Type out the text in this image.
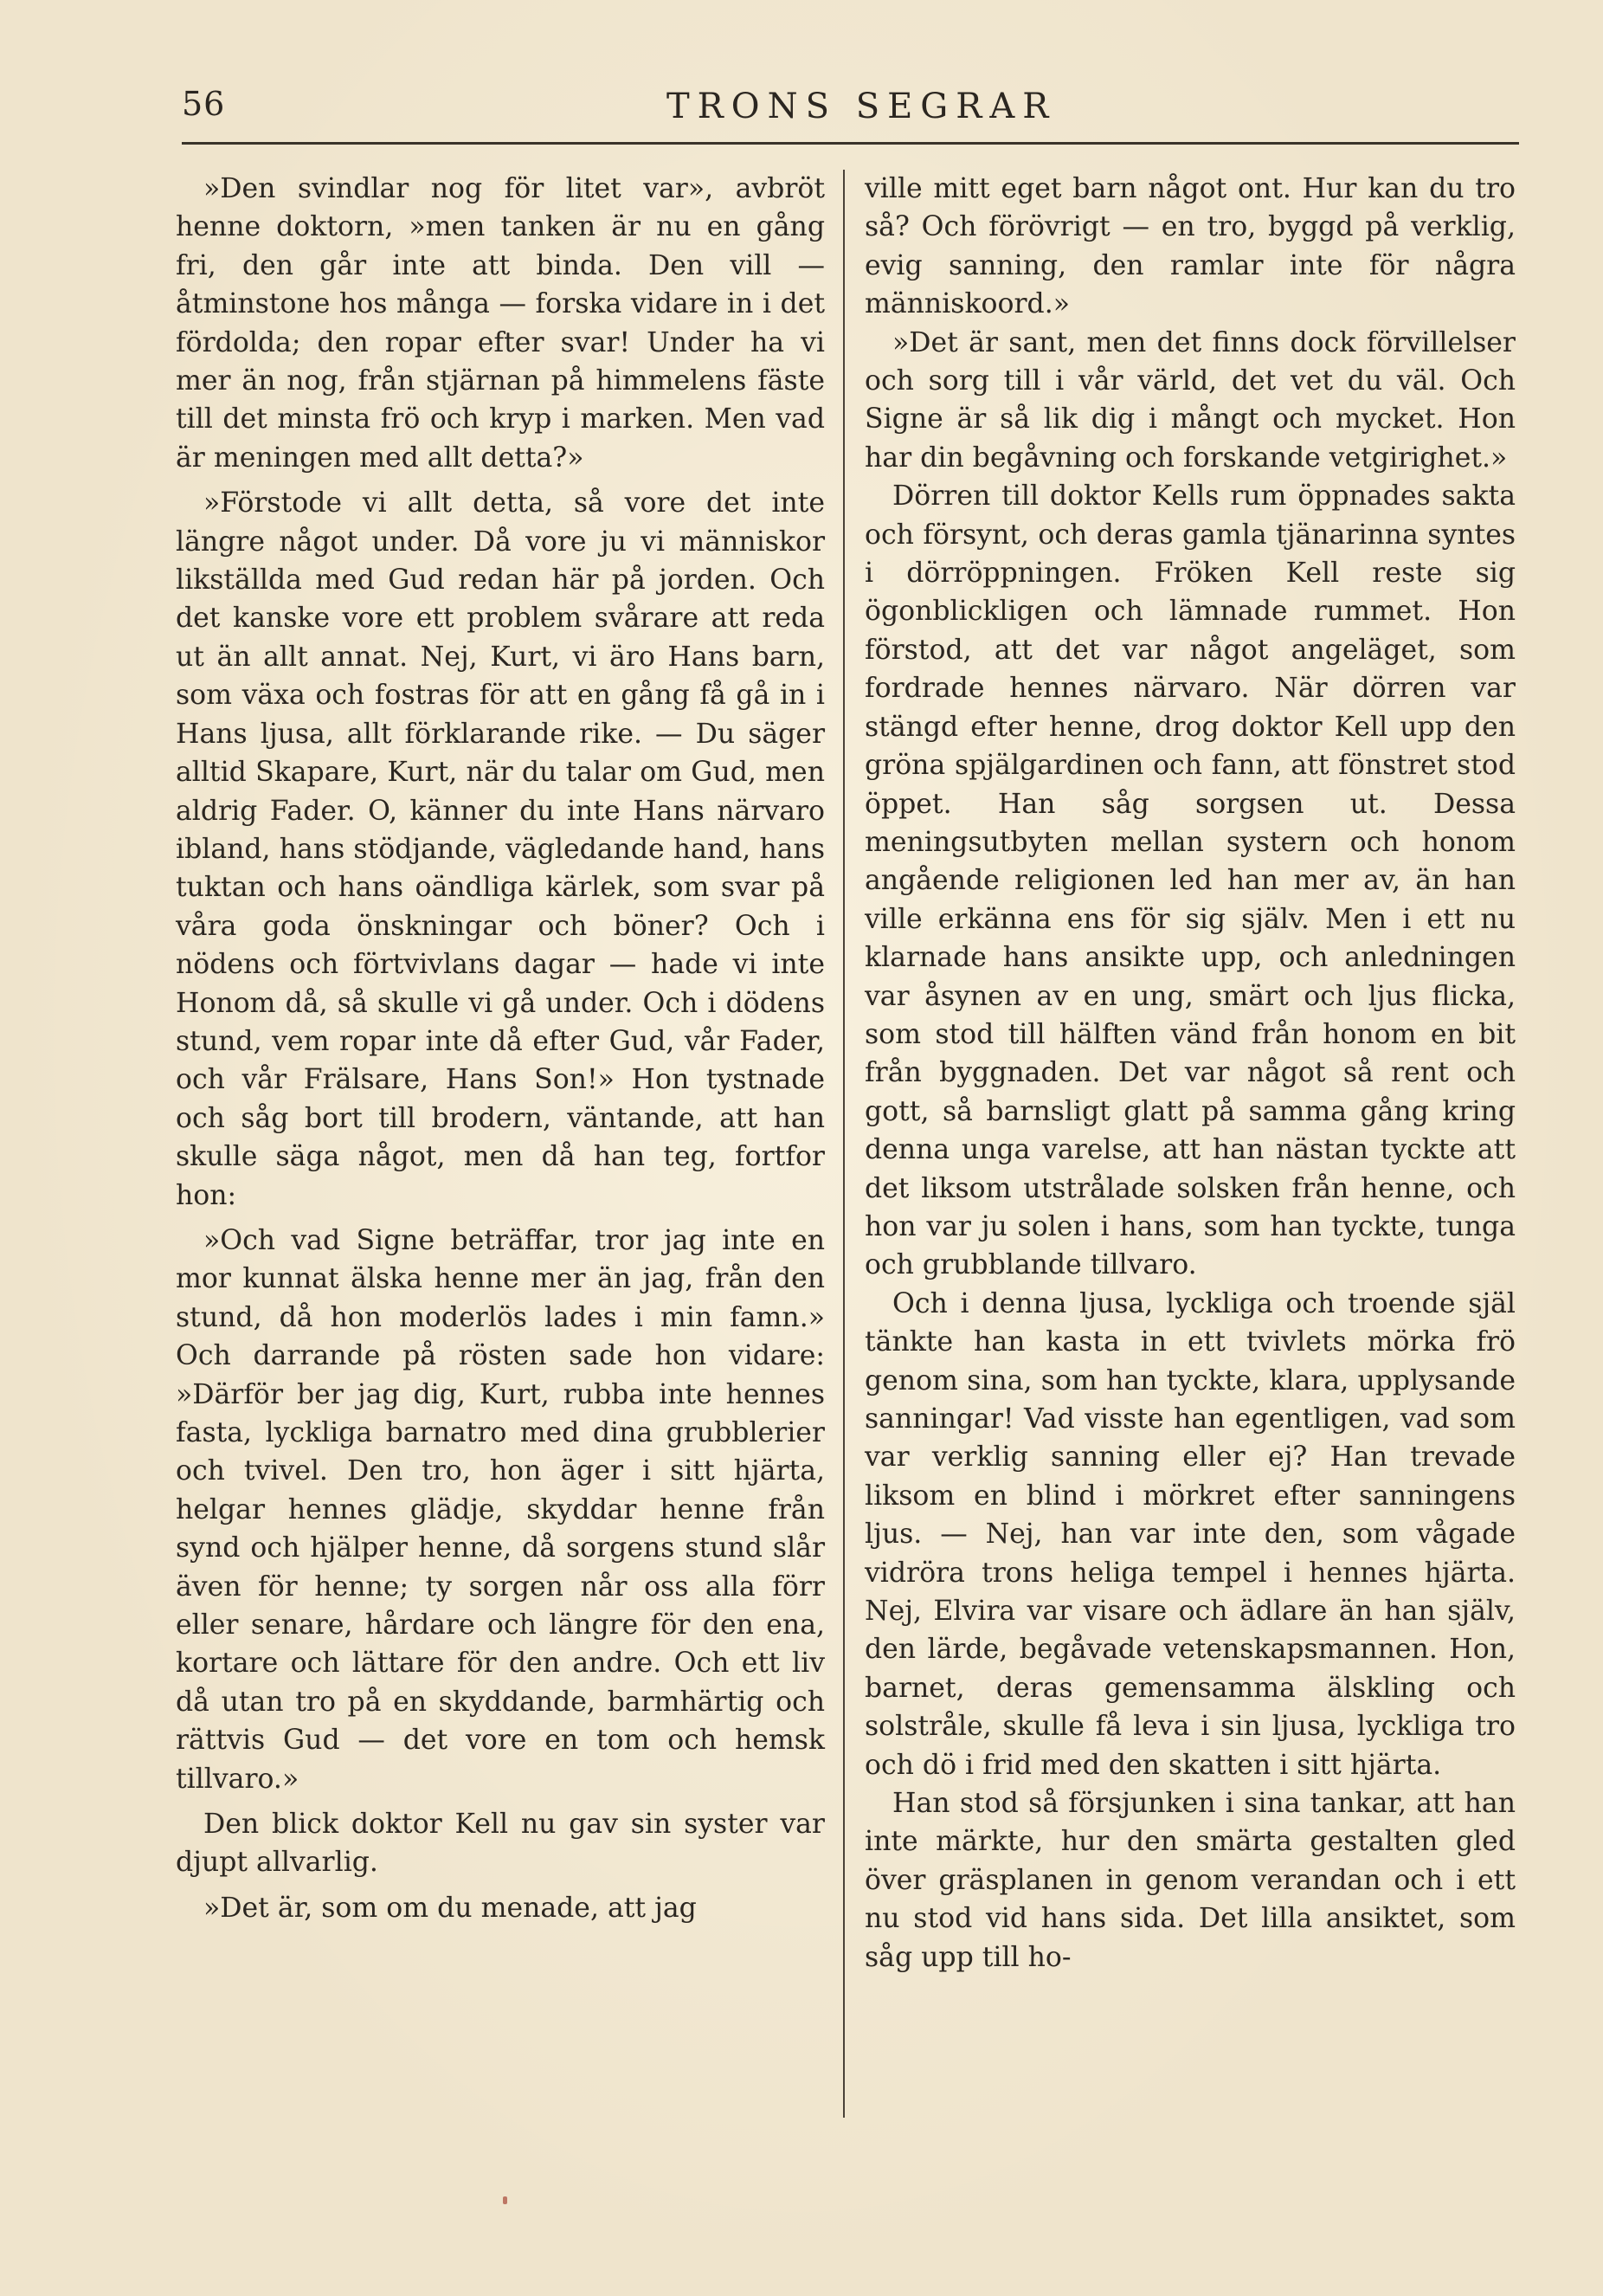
56	TRONS SEGRAR

»Den svindlar nog för litet var», avbröt henne doktorn, »men tanken är nu en gång fri, den går inte att binda. Den vill — åtminstone hos många — forska vidare in i det fördolda; den ropar efter svar! Under ha vi mer än nog, från stjärnan på himmelens fäste till det minsta frö och kryp i marken. Men vad är meningen med allt detta?»

»Förstode vi allt detta, så vore det inte längre något under. Då vore ju vi människor likställda med Gud redan här på jorden. Och det kanske vore ett problem svårare att reda ut än allt annat. Nej, Kurt, vi äro Hans barn, som växa och fostras för att en gång få gå in i Hans ljusa, allt förklarande rike. — Du säger alltid Skapare, Kurt, när du talar om Gud, men aldrig Fader. O, känner du inte Hans närvaro ibland, hans stödjande, vägledande hand, hans tuktan och hans oändliga kärlek, som svar på våra goda önskningar och böner? Och i nödens och förtvivlans dagar — hade vi inte Honom då, så skulle vi gå under. Och i dödens stund, vem ropar inte då efter Gud, vår Fader, och vår Frälsare, Hans Son!» Hon tystnade och såg bort till brodern, väntande, att han skulle säga något, men då han teg, fortfor hon:

»Och vad Signe beträffar, tror jag inte en mor kunnat älska henne mer än jag, från den stund, då hon moderlös lades i min famn.» Och darrande på rösten sade hon vidare: »Därför ber jag dig, Kurt, rubba inte hennes fasta, lyckliga barnatro med dina grubblerier och tvivel. Den tro, hon äger i sitt hjärta, helgar hennes glädje, skyddar henne från synd och hjälper henne, då sorgens stund slår även för henne; ty sorgen når oss alla förr eller senare, hårdare och längre för den ena, kortare och lättare för den andre. Och ett liv då utan tro på en skyddande, barmhärtig och rättvis Gud — det vore en tom och hemsk tillvaro.»

Den blick doktor Kell nu gav sin syster var djupt allvarlig.

»Det är, som om du menade, att jag

ville mitt eget barn något ont. Hur kan du tro så? Och förövrigt — en tro, byggd på verklig, evig sanning, den ramlar inte för några människoord.»

»Det är sant, men det finns dock förvillelser och sorg till i vår värld, det vet du väl. Och Signe är så lik dig i mångt och mycket. Hon har din begåvning och forskande vetgirighet.»

Dörren till doktor Kells rum öppnades sakta och försynt, och deras gamla tjänarinna syntes i dörröppningen. Fröken Kell reste sig ögonblickligen och lämnade rummet. Hon förstod, att det var något angeläget, som fordrade hennes närvaro. När dörren var stängd efter henne, drog doktor Kell upp den gröna spjälgardinen och fann, att fönstret stod öppet. Han såg sorgsen ut. Dessa meningsutbyten mellan systern och honom angående religionen led han mer av, än han ville erkänna ens för sig själv. Men i ett nu klarnade hans ansikte upp, och anledningen var åsynen av en ung, smärt och ljus flicka, som stod till hälften vänd från honom en bit från byggnaden. Det var något så rent och gott, så barnsligt glatt på samma gång kring denna unga varelse, att han nästan tyckte att det liksom utstrålade solsken från henne, och hon var ju solen i hans, som han tyckte, tunga och grubblande tillvaro.

Och i denna ljusa, lyckliga och troende själ tänkte han kasta in ett tvivlets mörka frö genom sina, som han tyckte, klara, upplysande sanningar! Vad visste han egentligen, vad som var verklig sanning eller ej? Han trevade liksom en blind i mörkret efter sanningens ljus. — Nej, han var inte den, som vågade vidröra trons heliga tempel i hennes hjärta. Nej, Elvira var visare och ädlare än han själv, den lärde, begåvade vetenskapsmannen. Hon, barnet, deras gemensamma älskling och solstråle, skulle få leva i sin ljusa, lyckliga tro och dö i frid med den skatten i sitt hjärta.

Han stod så försjunken i sina tankar, att han inte märkte, hur den smärta gestalten gled över gräsplanen in genom verandan och i ett nu stod vid hans sida. Det lilla ansiktet, som såg upp till ho-
